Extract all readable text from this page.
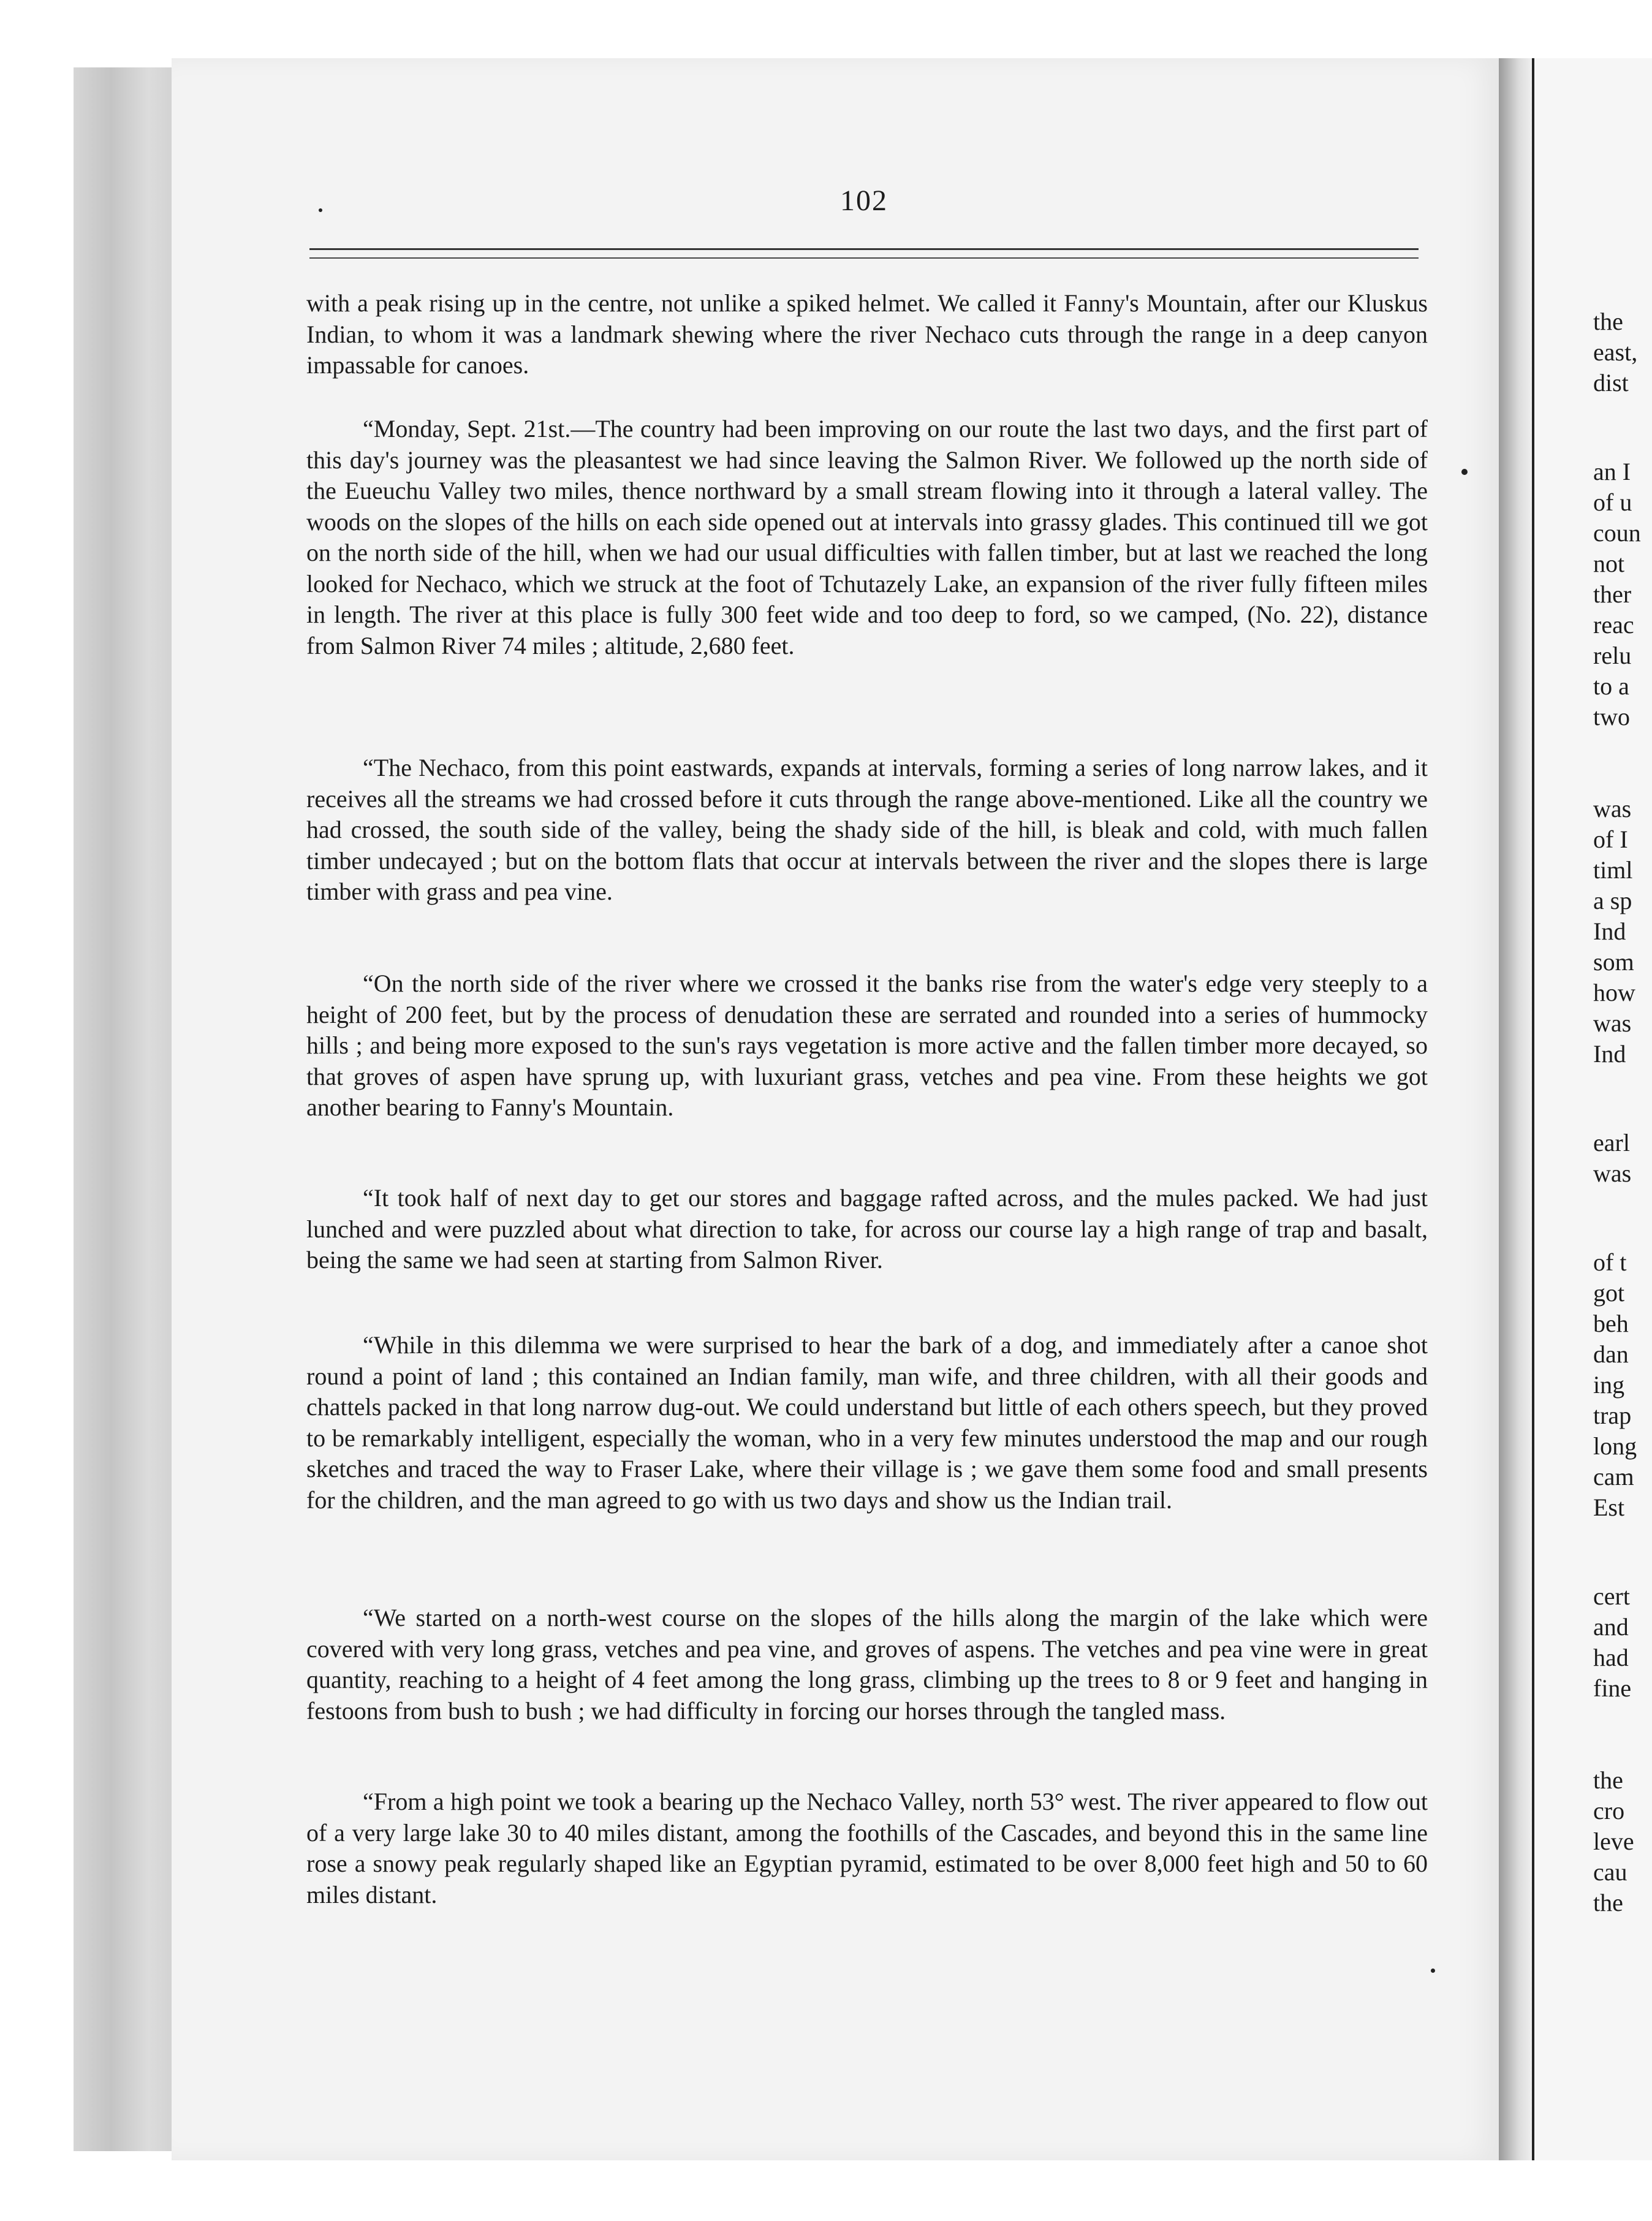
102

with a peak rising up in the centre, not unlike a spiked helmet. We called it Fanny's Mountain, after our Kluskus Indian, to whom it was a landmark shewing where the river Nechaco cuts through the range in a deep canyon impassable for canoes.

“Monday, Sept. 21st.—The country had been improving on our route the last two days, and the first part of this day's journey was the pleasantest we had since leaving the Salmon River. We followed up the north side of the Eueuchu Valley two miles, thence northward by a small stream flowing into it through a lateral valley. The woods on the slopes of the hills on each side opened out at intervals into grassy glades. This continued till we got on the north side of the hill, when we had our usual difficulties with fallen timber, but at last we reached the long looked for Nechaco, which we struck at the foot of Tchutazely Lake, an expansion of the river fully fifteen miles in length. The river at this place is fully 300 feet wide and too deep to ford, so we camped, (No. 22), distance from Salmon River 74 miles ; altitude, 2,680 feet.

“The Nechaco, from this point eastwards, expands at intervals, forming a series of long narrow lakes, and it receives all the streams we had crossed before it cuts through the range above-mentioned. Like all the country we had crossed, the south side of the valley, being the shady side of the hill, is bleak and cold, with much fallen timber undecayed ; but on the bottom flats that occur at intervals between the river and the slopes there is large timber with grass and pea vine.

“On the north side of the river where we crossed it the banks rise from the water's edge very steeply to a height of 200 feet, but by the process of denudation these are serrated and rounded into a series of hummocky hills ; and being more exposed to the sun's rays vegetation is more active and the fallen timber more decayed, so that groves of aspen have sprung up, with luxuriant grass, vetches and pea vine. From these heights we got another bearing to Fanny's Mountain.

“It took half of next day to get our stores and baggage rafted across, and the mules packed. We had just lunched and were puzzled about what direction to take, for across our course lay a high range of trap and basalt, being the same we had seen at starting from Salmon River.

“While in this dilemma we were surprised to hear the bark of a dog, and immediately after a canoe shot round a point of land ; this contained an Indian family, man wife, and three children, with all their goods and chattels packed in that long narrow dug-out. We could understand but little of each others speech, but they proved to be remarkably intelligent, especially the woman, who in a very few minutes understood the map and our rough sketches and traced the way to Fraser Lake, where their village is ; we gave them some food and small presents for the children, and the man agreed to go with us two days and show us the Indian trail.

“We started on a north-west course on the slopes of the hills along the margin of the lake which were covered with very long grass, vetches and pea vine, and groves of aspens. The vetches and pea vine were in great quantity, reaching to a height of 4 feet among the long grass, climbing up the trees to 8 or 9 feet and hanging in festoons from bush to bush ; we had difficulty in forcing our horses through the tangled mass.

“From a high point we took a bearing up the Nechaco Valley, north 53° west. The river appeared to flow out of a very large lake 30 to 40 miles distant, among the foothills of the Cascades, and beyond this in the same line rose a snowy peak regularly shaped like an Egyptian pyramid, estimated to be over 8,000 feet high and 50 to 60 miles distant.

the
east,
dist
an I
of u
coun
not
ther
reac
relu
to a
two
was
of I
timl
a sp
Ind
som
how
was
Ind
earl
was
of t
got
beh
dan
ing
trap
long
cam
Est
cert
and
had
fine
the
cro
leve
cau
the
